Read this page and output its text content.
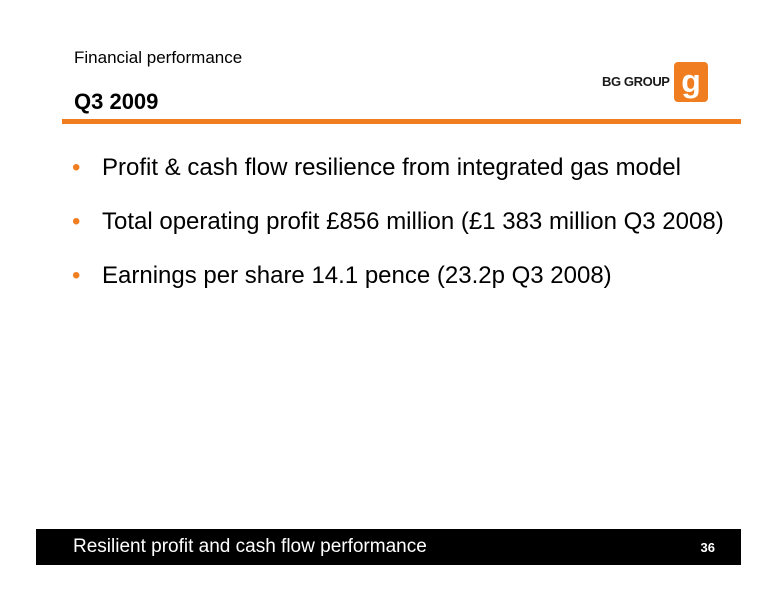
Financial performance
Q3 2009
BG GROUP g
• Profit & cash flow resilience from integrated gas model
• Total operating profit £856 million (£1 383 million Q3 2008)
• Earnings per share 14.1 pence (23.2p Q3 2008)
Resilient profit and cash flow performance	36
